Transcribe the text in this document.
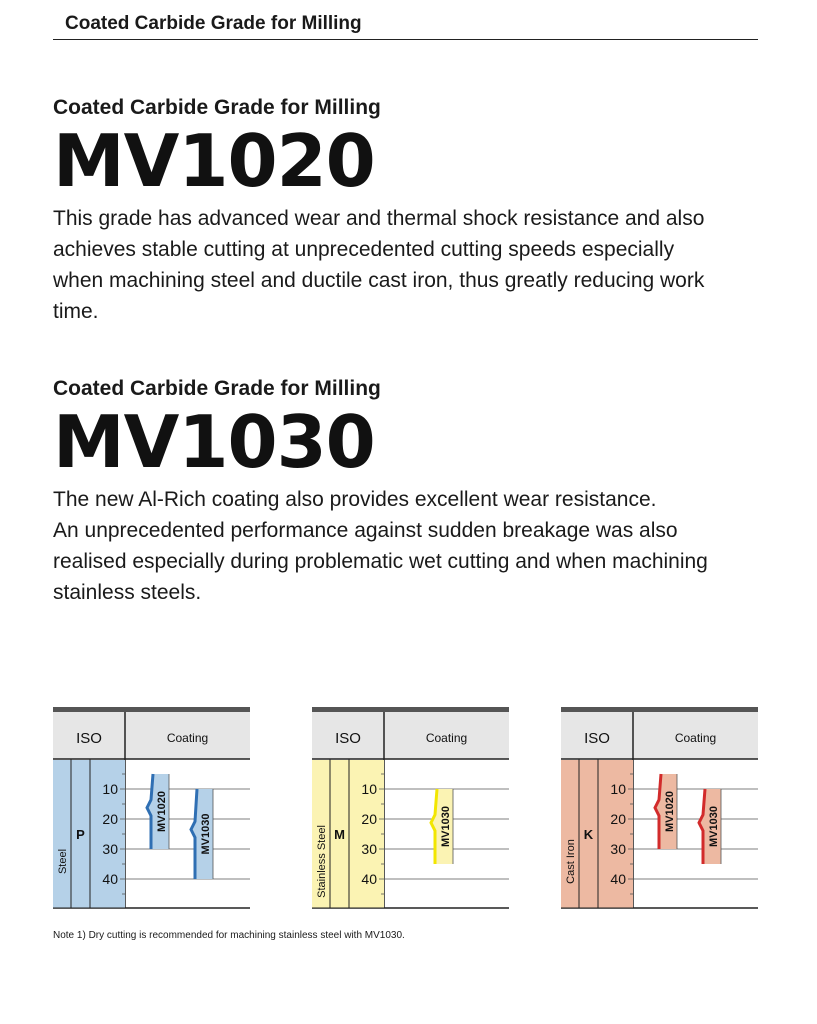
Coated Carbide Grade for Milling
Coated Carbide Grade for Milling
MV1020
This grade has advanced wear and thermal shock resistance and also
achieves stable cutting at unprecedented cutting speeds especially
when machining steel and ductile cast iron, thus greatly reducing work
time.
Coated Carbide Grade for Milling
MV1030
The new Al-Rich coating also provides excellent wear resistance.
An unprecedented performance against sudden breakage was also
realised especially during problematic wet cutting and when machining
stainless steels.
ISO	Coating
Steel
P
10
20
30
40
MV1020
MV1030
ISO	Coating
Stainless Steel M
10
20
30
40
MV1030
ISO	Coating
Cast Iron
K
10
20
30
40
MV1020	MV1030
Note 1) Dry cutting is recommended for machining stainless steel with MV1030.
